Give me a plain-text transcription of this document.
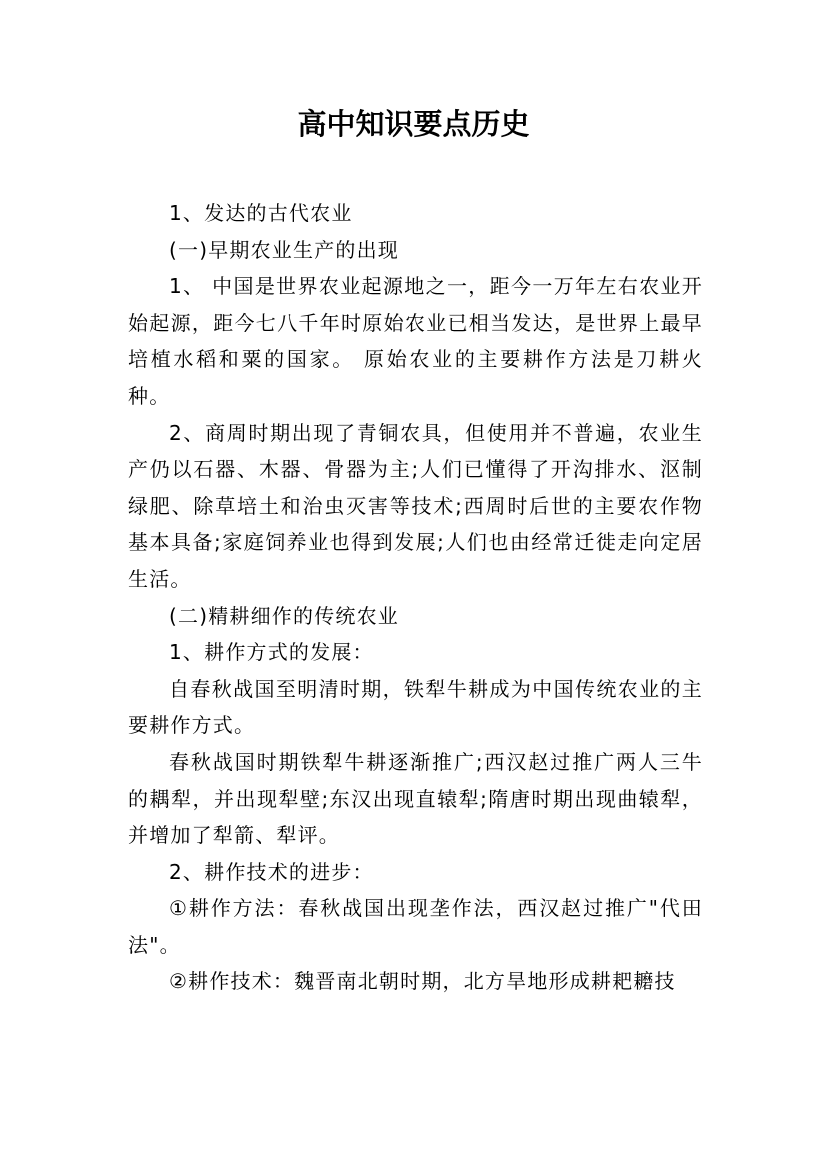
高中知识要点历史

1、发达的古代农业

(一)早期农业生产的出现

1、 中国是世界农业起源地之一，距今一万年左右农业开始起源，距今七八千年时原始农业已相当发达，是世界上最早培植水稻和粟的国家。 原始农业的主要耕作方法是刀耕火种。

2、商周时期出现了青铜农具，但使用并不普遍，农业生产仍以石器、木器、骨器为主;人们已懂得了开沟排水、沤制绿肥、除草培土和治虫灭害等技术;西周时后世的主要农作物基本具备;家庭饲养业也得到发展;人们也由经常迁徙走向定居生活。

(二)精耕细作的传统农业

1、耕作方式的发展：

自春秋战国至明清时期，铁犁牛耕成为中国传统农业的主要耕作方式。

春秋战国时期铁犁牛耕逐渐推广;西汉赵过推广两人三牛的耦犁，并出现犁壁;东汉出现直辕犁;隋唐时期出现曲辕犁，并增加了犁箭、犁评。

2、耕作技术的进步：

①耕作方法：春秋战国出现垄作法，西汉赵过推广"代田法"。

②耕作技术：魏晋南北朝时期，北方旱地形成耕耙耱技
